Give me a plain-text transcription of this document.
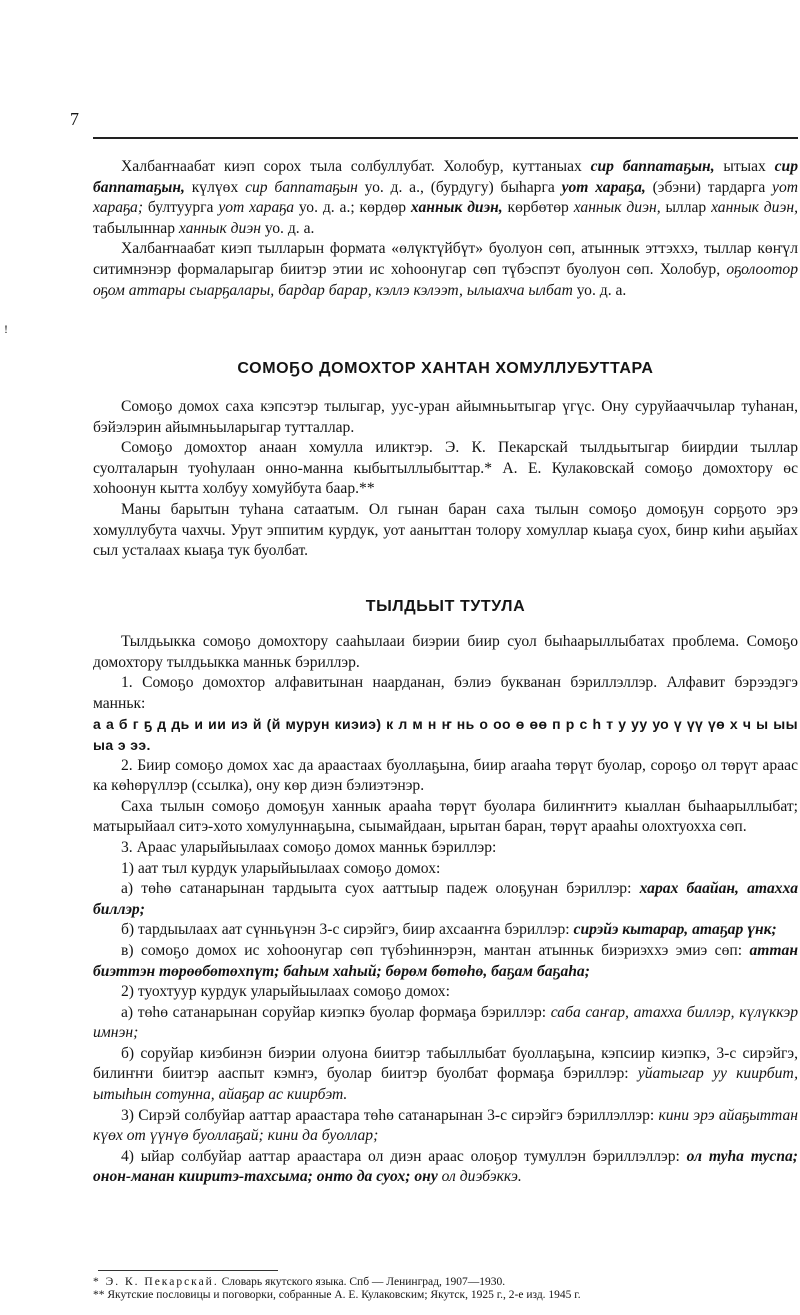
!
7
Халбаҥнаабат киэп сорох тыла солбуллубат. Холобур, куттаныах сир баппатаҕын, ытыах сир баппатаҕын, күлүөх сир баппатаҕын уо. д. а., (бурдугу) быһарга уот хараҕа, (эбэни) тардарга уот хараҕа; бултуурга уот хараҕа уо. д. а.; көрдөр ханнык диэн, көрбөтөр ханнык диэн, ыллар ханнык диэн, табылыннар ханнык диэн уо. д. а.
Халбаҥнаабат киэп тылларын формата «өлүктүйбүт» буолуон сөп, атыннык эттэххэ, тыллар көҥүл ситимнэнэр формаларыгар биитэр этии ис хоһоонугар сөп түбэспэт буолуон сөп. Холобур, оҕолоотор оҕом аттары сыарҕалары, бардар барар, кэллэ кэлээт, ылыахча ылбат уо. д. а.
СОМОҔО ДОМОХТОР ХАНТАН ХОМУЛЛУБУТТАРА
Сомоҕо домох саха кэпсэтэр тылыгар, уус-уран айымньытыгар үгүс. Ону суруйааччылар туһанан, бэйэлэрин айымньыларыгар тутталлар.
Сомоҕо домохтор анаан хомулла иликтэр. Э. К. Пекарскай тылдьытыгар биирдии тыллар суолталарын туоһулаан онно-манна кыбытыллыбыттар.* А. Е. Кулаковскай сомоҕо домохтору өс хоһоонун кытта холбуу хомуйбута баар.**
Маны барытын туһана сатаатым. Ол гынан баран саха тылын сомоҕо домоҕун сорҕото эрэ хомуллубута чахчы. Урут эппитим курдук, уот ааныттан толору хомуллар кыаҕа суох, бинр киһи аҕыйах сыл усталаах кыаҕа тук буолбат.
ТЫЛДЬЫТ ТУТУЛА
Тылдьыкка сомоҕо домохтору сааһылааи биэрии биир суол быһаарыллыбатах проблема. Сомоҕо домохтору тылдьыкка манньк бэриллэр.
1. Сомоҕо домохтор алфавитынан наарданан, бэлиэ букванан бэриллэллэр. Алфавит бэрээдэгэ манньк:
а а б г ҕ д дь и ии иэ й (й мурун киэиэ) к л м н ҥ нь о оо ө өө п р с һ т у уу уо ү үү үө х ч ы ыы ыа э ээ.
2. Биир сомоҕо домох хас да араастаах буоллаҕына, биир araaһа төрүт буолар, сороҕо ол төрүт араас ка көһөрүллэр (ссылка), ону көр диэн бэлиэтэнэр.
Саха тылын сомоҕо домоҕун ханнык араaһа төрүт буолара билиҥҥитэ кыаллан быһаарыллыбат; матырыйаал ситэ-хото хомулуннаҕына, сыымайдаан, ырытан баран, төрүт араaһы олохтуохха сөп.
3. Араас уларыйыылаах сомоҕо домох манньк бэриллэр:
1) аат тыл курдук уларыйыылаах сомоҕо домох:
а) төһө сатанарынан тардыыта суох ааттыыр падеж олоҕунан бэриллэр: харах баайан, атахха биллэр;
б) тардыылаах аат сүнньүнэн 3-с сирэйгэ, биир ахсааҥҥа бэриллэр: сирэйэ кытарар, атаҕар үнк;
в) сомоҕо домох ис хоһоонугар сөп түбэһиннэрэн, мантан атынньк биэриэххэ эмиэ сөп: аттан биэттэн төрөөбөтөхпүт; баһым хаһый; бөрөм бөтөһө, баҕам баҕаhа;
2) туохтуур курдук уларыйыылаах сомоҕо домох:
а) төһө сатанарынан соруйар киэпкэ буолар формаҕа бэриллэр: саба саҥар, атахха биллэр, күлүккэр имнэн;
б) соруйар киэбинэн биэрии олуона биитэр табыллыбат буоллаҕына, кэпсиир киэпкэ, 3-с сирэйгэ, билиҥҥи биитэр ааспыт кэмҥэ, буолар биитэр буолбат формаҕа бэриллэр: уйатыгар уу киирбит, ытыһын сотунна, айаҕар ас киирбэт.
3) Сирэй солбуйар ааттар араастара төһө сатанарынан 3-с сирэйгэ бэриллэллэр: кини эрэ айаҕыттан күөх от үүнүө буоллаҕай; кини да буоллар;
4) ыйар солбуйар ааттар араастара ол диэн араас олоҕор тумуллэн бэриллэллэр: ол туһа туспа; онон-манан киириmэ-тахсыма; онто да суох; ону ол диэбэккэ.

* Э. К. Пекарскай. Словарь якутского языка. Спб — Ленинград, 1907—1930.

** Якутские пословицы и поговорки, собранные А. Е. Кулаковским; Якутск, 1925 г., 2-е изд. 1945 г.
